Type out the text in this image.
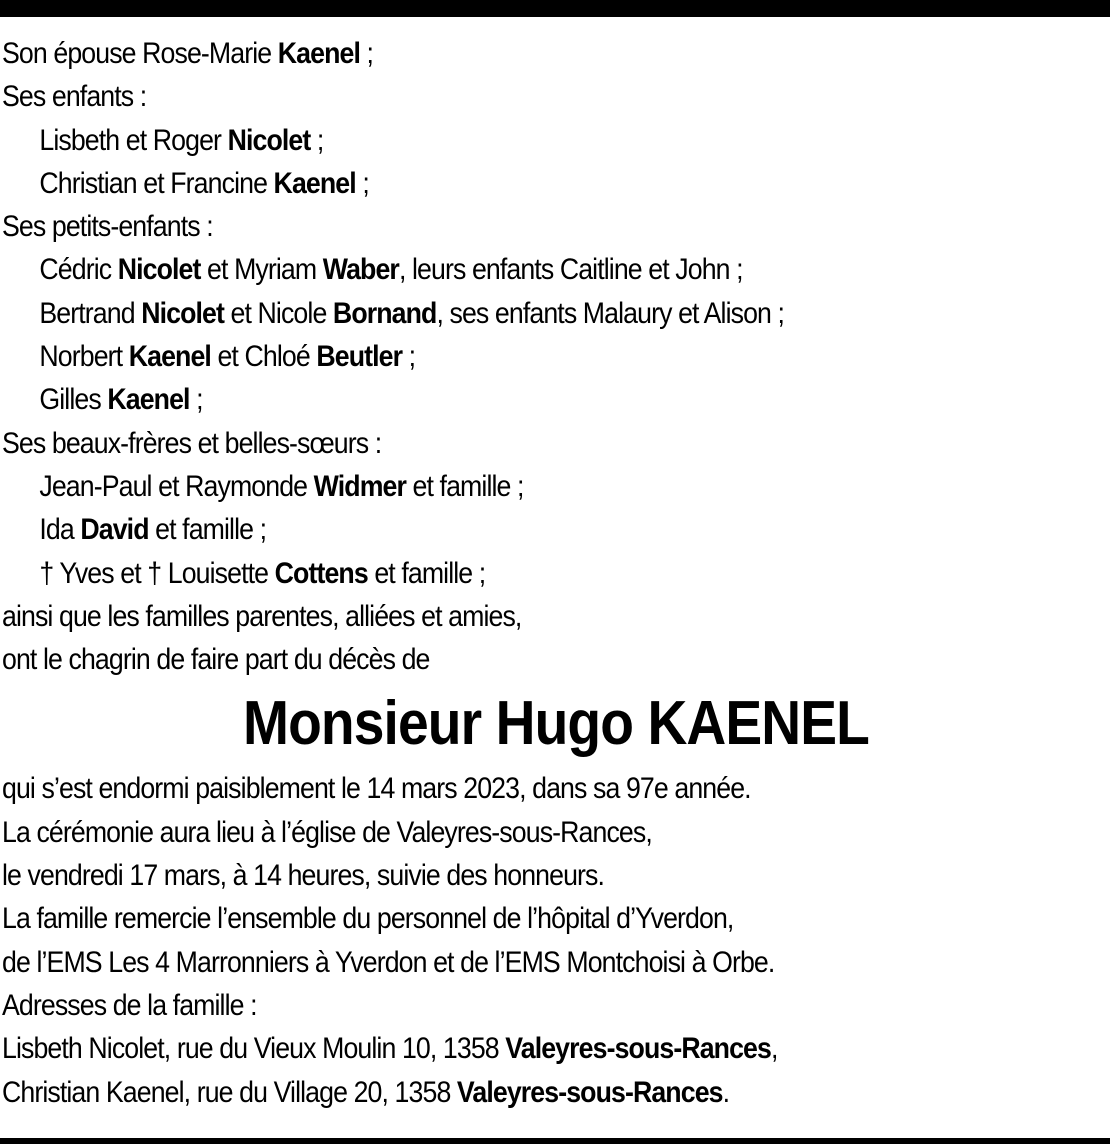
Son épouse Rose-Marie Kaenel ;
Ses enfants :
Lisbeth et Roger Nicolet ;
Christian et Francine Kaenel ;
Ses petits-enfants :
Cédric Nicolet et Myriam Waber, leurs enfants Caitline et John ;
Bertrand Nicolet et Nicole Bornand, ses enfants Malaury et Alison ;
Norbert Kaenel et Chloé Beutler ;
Gilles Kaenel ;
Ses beaux-frères et belles-sœurs :
Jean-Paul et Raymonde Widmer et famille ;
Ida David et famille ;
† Yves et † Louisette Cottens et famille ;
ainsi que les familles parentes, alliées et amies,
ont le chagrin de faire part du décès de
Monsieur Hugo KAENEL
qui s’est endormi paisiblement le 14 mars 2023, dans sa 97e année.
La cérémonie aura lieu à l’église de Valeyres-sous-Rances,
le vendredi 17 mars, à 14 heures, suivie des honneurs.
La famille remercie l’ensemble du personnel de l’hôpital d’Yverdon,
de l’EMS Les 4 Marronniers à Yverdon et de l’EMS Montchoisi à Orbe.
Adresses de la famille :
Lisbeth Nicolet, rue du Vieux Moulin 10, 1358 Valeyres-sous-Rances,
Christian Kaenel, rue du Village 20, 1358 Valeyres-sous-Rances.
